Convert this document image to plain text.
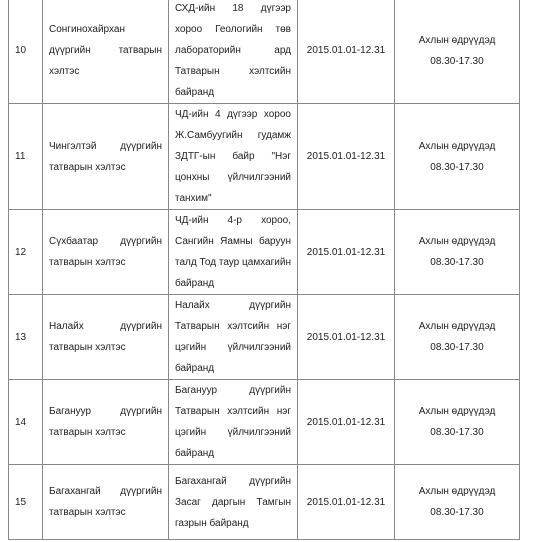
10	Сонгинохайрхан дүүргийн татварын хэлтэс	СХД-ийн 18 дүгээр хороо Геологийн төв лабораторийн ард Татварын хэлтсийн байранд	2015.01.01-12.31	Ахлын өдрүүдэд
08.30-17.30
11	Чингэлтэй дүүргийн татварын хэлтэс	ЧД-ийн 4 дүгээр хороо Ж.Самбуугийн гудамж ЗДТГ-ын байр "Нэг цонхны үйлчилгээний танхим"	2015.01.01-12.31	Ахлын өдрүүдэд
08.30-17.30
12	Сүхбаатар дүүргийн татварын хэлтэс	ЧД-ийн 4-р хороо, Сангийн Яамны баруун талд Тод таур цамхагийн байранд	2015.01.01-12.31	Ахлын өдрүүдэд
08.30-17.30
13	Налайх дүүргийн татварын хэлтэс	Налайх дүүргийн Татварын хэлтсийн нэг цэгийн үйлчилгээний байранд	2015.01.01-12.31	Ахлын өдрүүдэд
08.30-17.30
14	Багануур дүүргийн татварын хэлтэс	Багануур дүүргийн Татварын хэлтсийн нэг цэгийн үйлчилгээний байранд	2015.01.01-12.31	Ахлын өдрүүдэд
08.30-17.30
15	Багахангай дүүргийн татварын хэлтэс	Багахангай дүүргийн Засаг даргын Тамгын газрын байранд	2015.01.01-12.31	Ахлын өдрүүдэд
08.30-17.30
